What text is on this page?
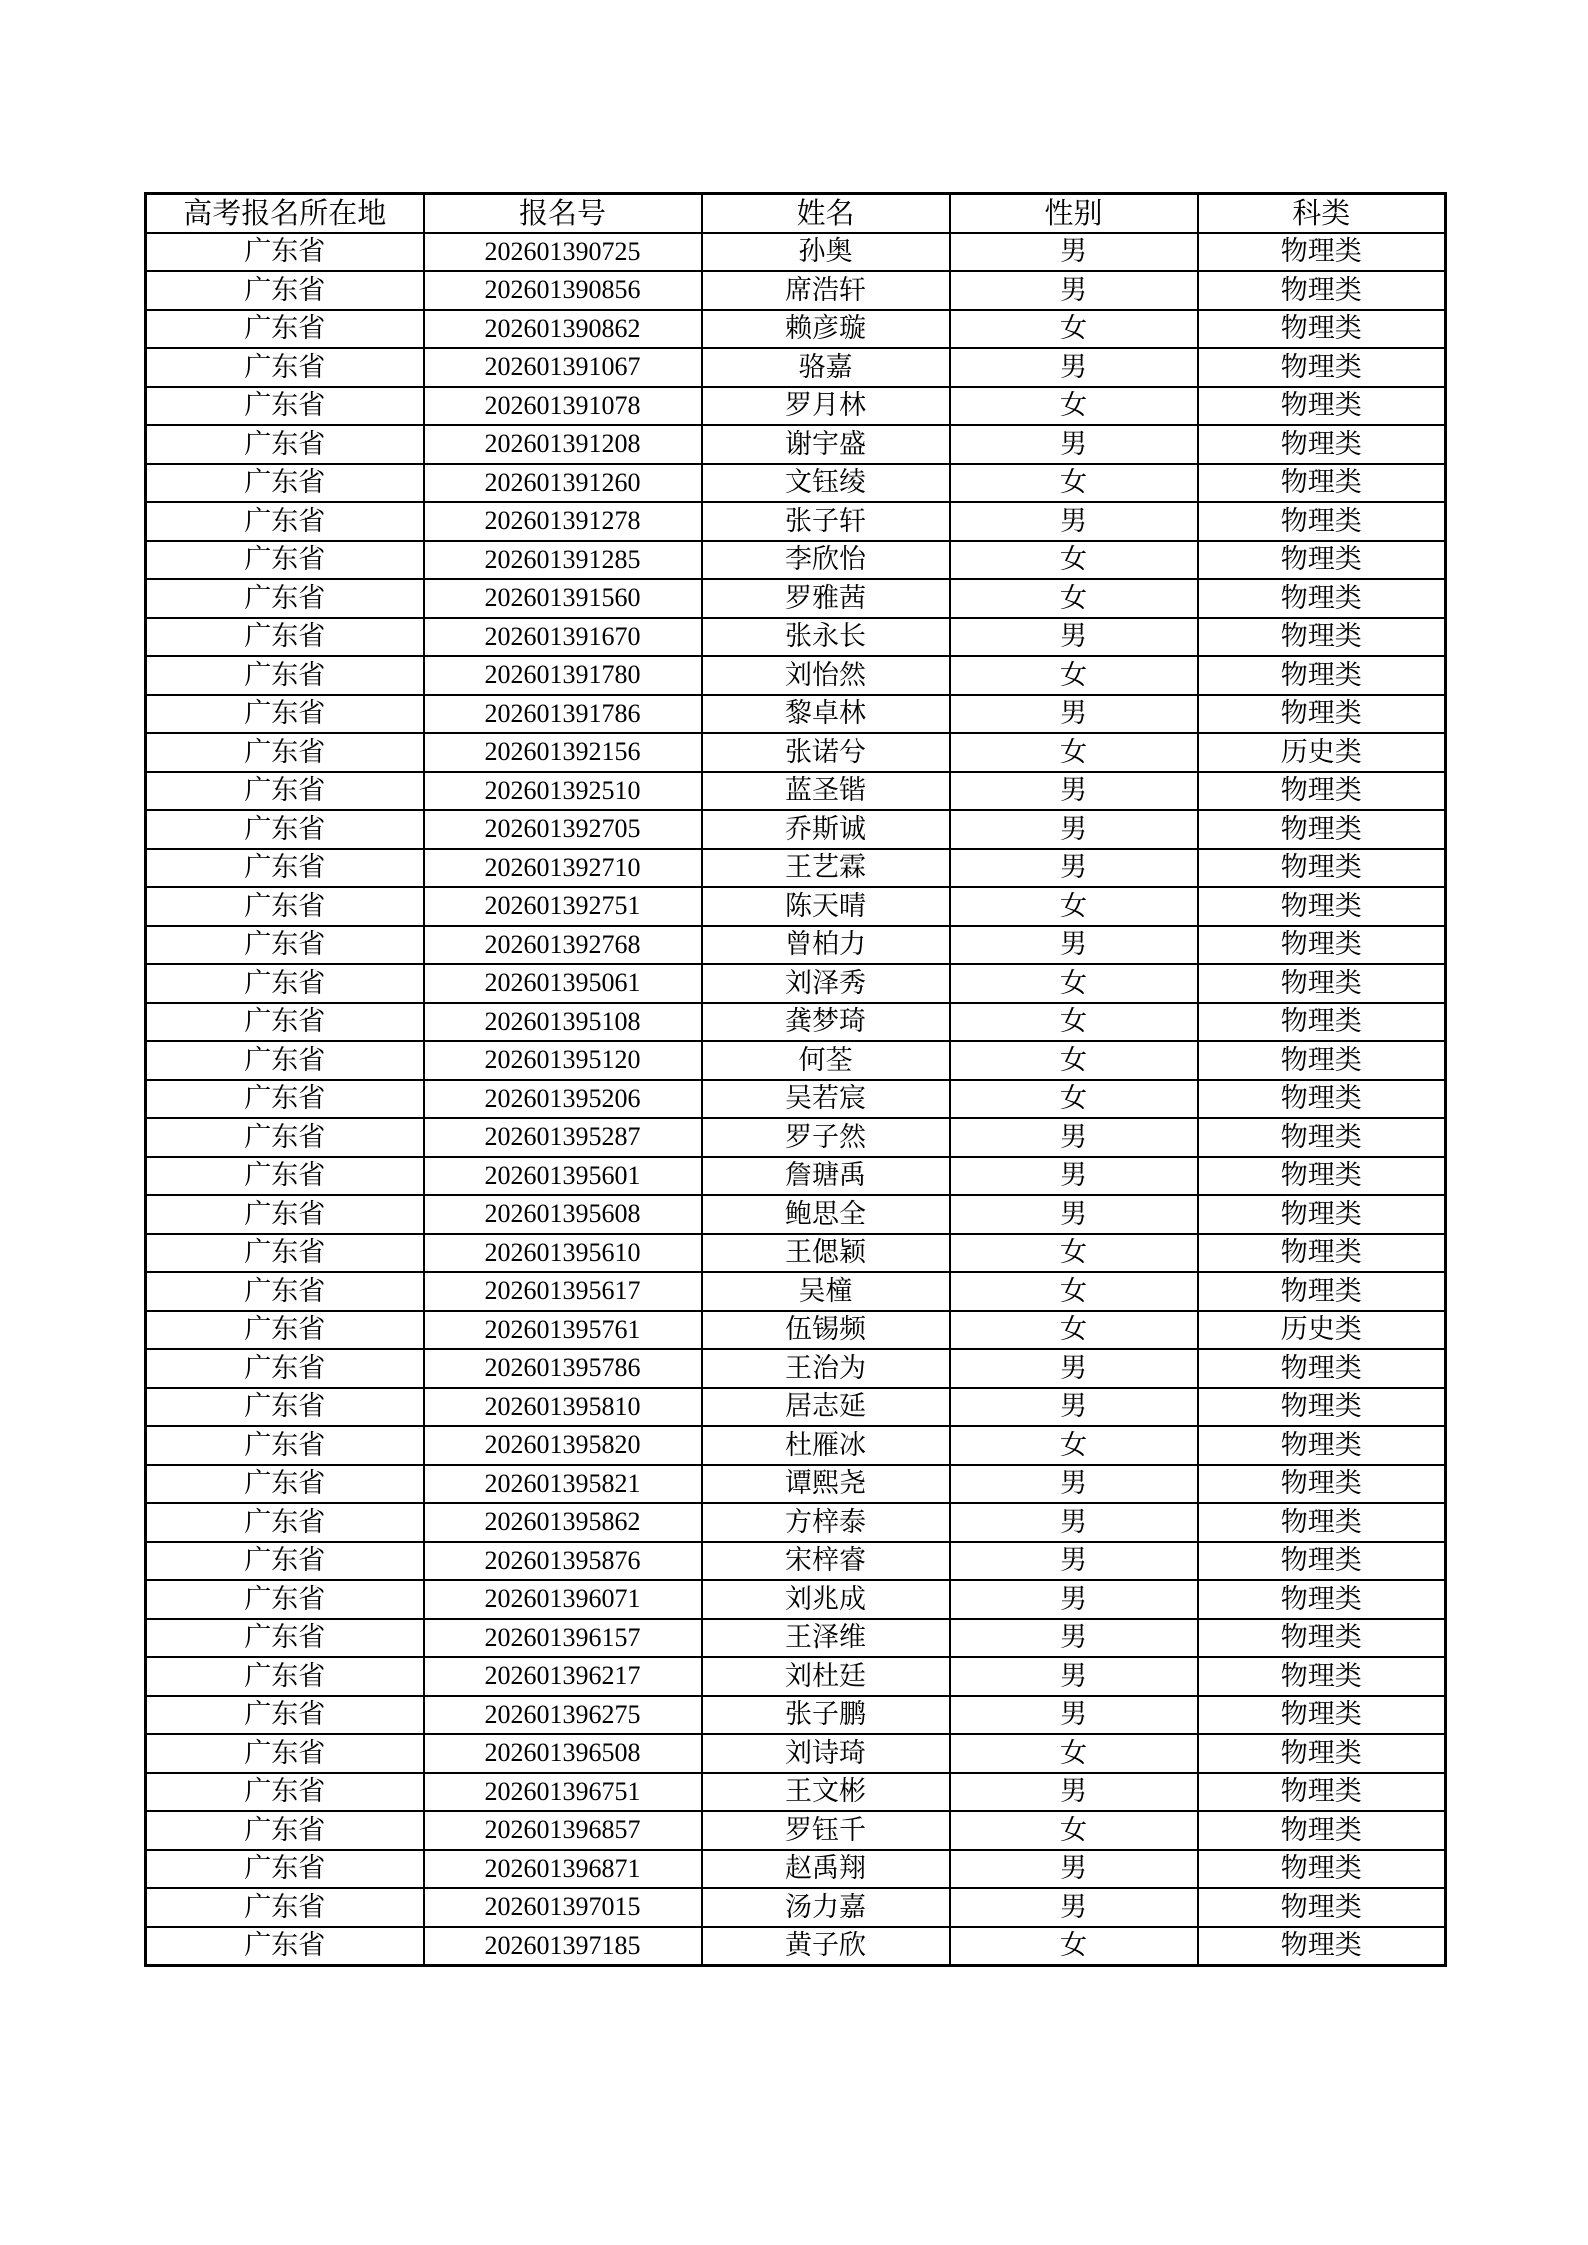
高考报名所在地	报名号	姓名	性别	科类
广东省	202601390725	孙奥	男	物理类
广东省	202601390856	席浩轩	男	物理类
广东省	202601390862	赖彦璇	女	物理类
广东省	202601391067	骆嘉	男	物理类
广东省	202601391078	罗月林	女	物理类
广东省	202601391208	谢宇盛	男	物理类
广东省	202601391260	文钰绫	女	物理类
广东省	202601391278	张子轩	男	物理类
广东省	202601391285	李欣怡	女	物理类
广东省	202601391560	罗雅茜	女	物理类
广东省	202601391670	张永长	男	物理类
广东省	202601391780	刘怡然	女	物理类
广东省	202601391786	黎卓林	男	物理类
广东省	202601392156	张诺兮	女	历史类
广东省	202601392510	蓝圣锴	男	物理类
广东省	202601392705	乔斯诚	男	物理类
广东省	202601392710	王艺霖	男	物理类
广东省	202601392751	陈天晴	女	物理类
广东省	202601392768	曾柏力	男	物理类
广东省	202601395061	刘泽秀	女	物理类
广东省	202601395108	龚梦琦	女	物理类
广东省	202601395120	何荃	女	物理类
广东省	202601395206	吴若宸	女	物理类
广东省	202601395287	罗子然	男	物理类
广东省	202601395601	詹瑭禹	男	物理类
广东省	202601395608	鲍思全	男	物理类
广东省	202601395610	王偲颖	女	物理类
广东省	202601395617	吴橦	女	物理类
广东省	202601395761	伍锡频	女	历史类
广东省	202601395786	王治为	男	物理类
广东省	202601395810	居志延	男	物理类
广东省	202601395820	杜雁冰	女	物理类
广东省	202601395821	谭熙尧	男	物理类
广东省	202601395862	方梓泰	男	物理类
广东省	202601395876	宋梓睿	男	物理类
广东省	202601396071	刘兆成	男	物理类
广东省	202601396157	王泽维	男	物理类
广东省	202601396217	刘杜廷	男	物理类
广东省	202601396275	张子鹏	男	物理类
广东省	202601396508	刘诗琦	女	物理类
广东省	202601396751	王文彬	男	物理类
广东省	202601396857	罗钰千	女	物理类
广东省	202601396871	赵禹翔	男	物理类
广东省	202601397015	汤力嘉	男	物理类
广东省	202601397185	黄子欣	女	物理类
